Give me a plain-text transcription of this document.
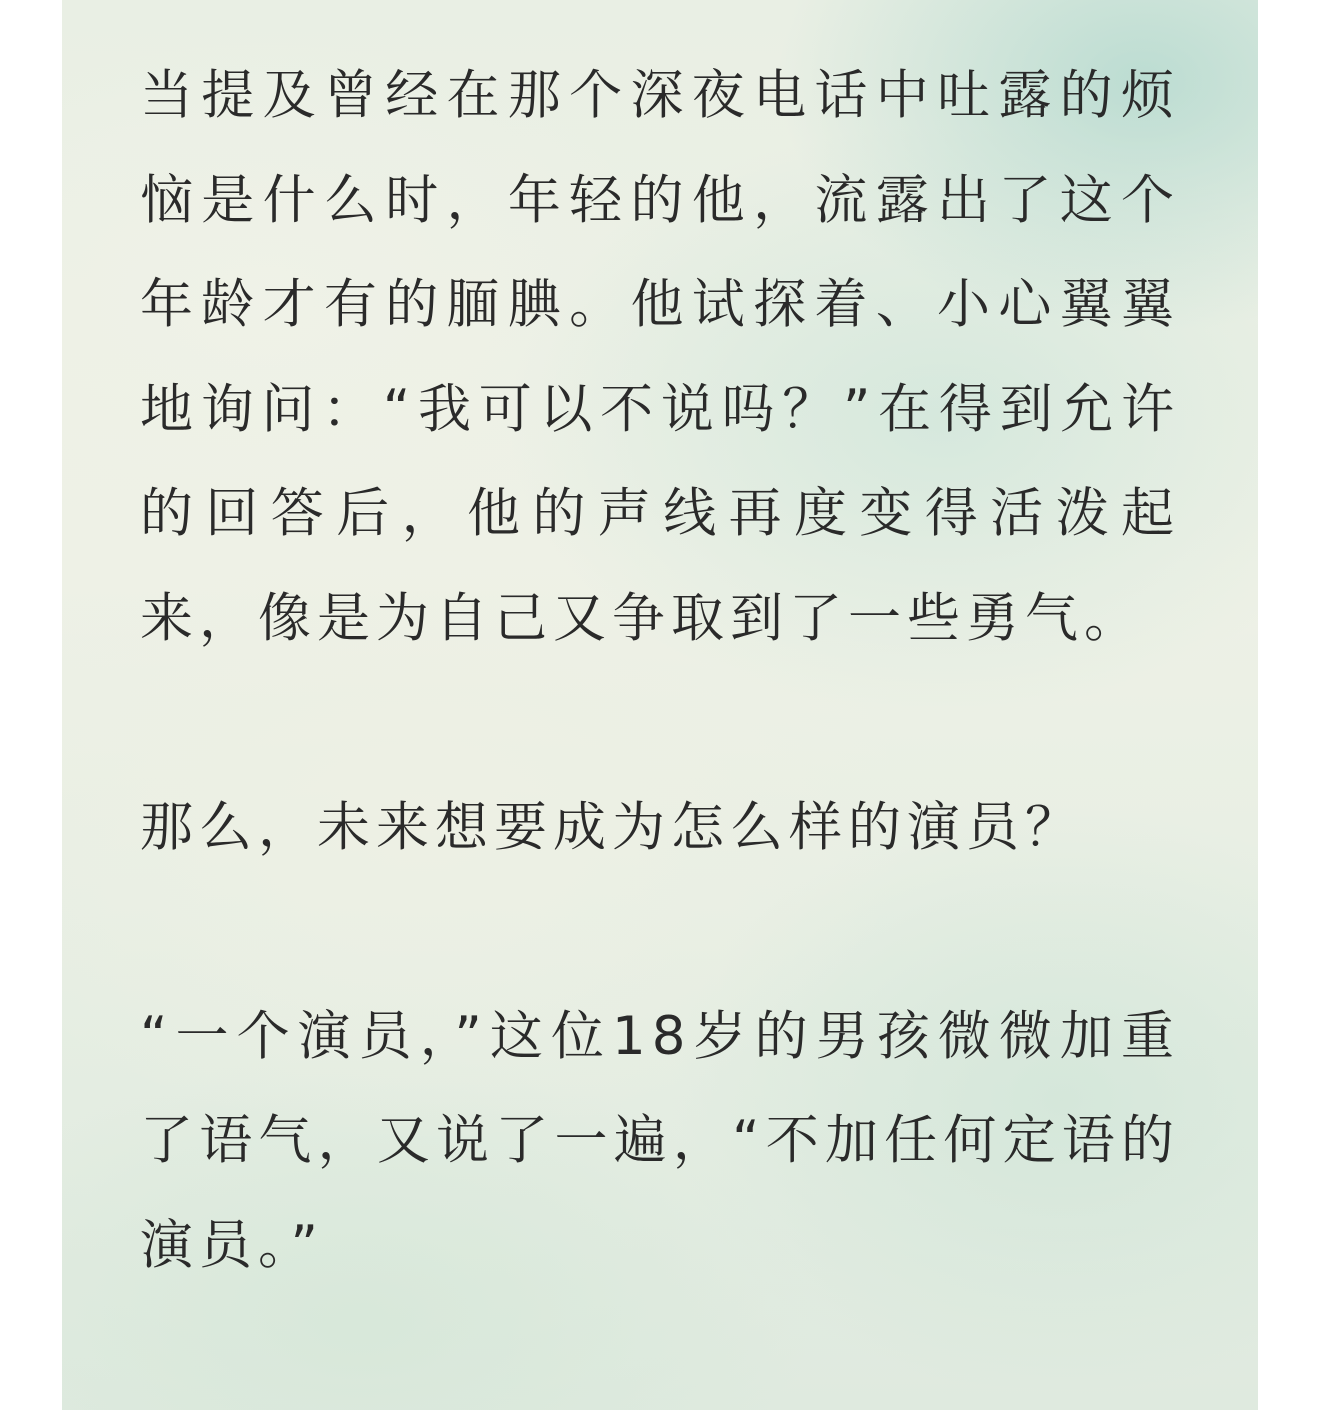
当提及曾经在那个深夜电话中吐露的烦恼是什么时，年轻的他，流露出了这个年龄才有的腼腆。他试探着、小心翼翼地询问：“我可以不说吗？”在得到允许的回答后，他的声线再度变得活泼起来，像是为自己又争取到了一些勇气。

那么，未来想要成为怎么样的演员？

“一个演员，”这位18岁的男孩微微加重了语气，又说了一遍，“不加任何定语的演员。”
